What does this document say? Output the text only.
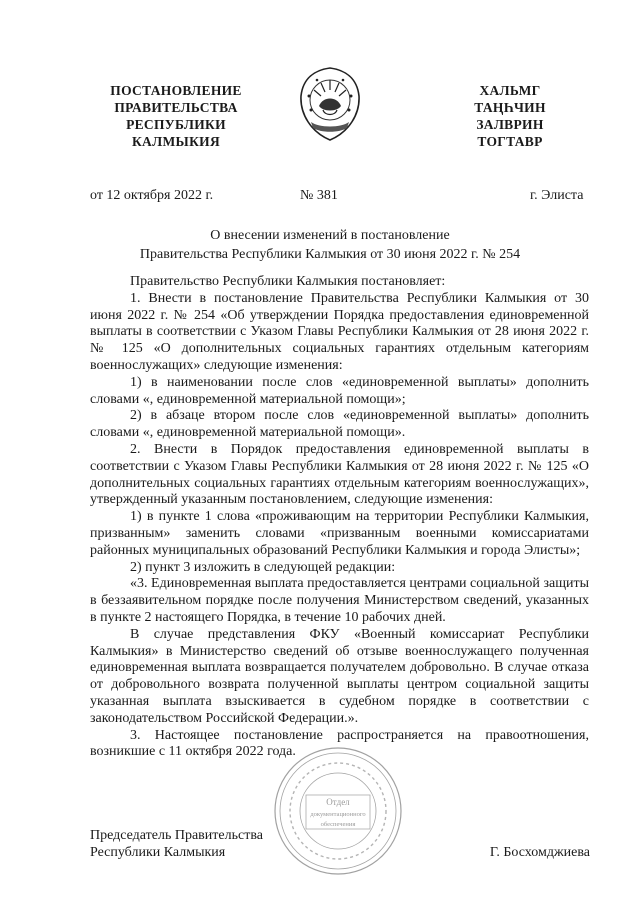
ПОСТАНОВЛЕНИЕ
ПРАВИТЕЛЬСТВА
РЕСПУБЛИКИ
КАЛМЫКИЯ
ХАЛЬМГ
ТАҢҺЧИН
ЗАЛВРИН
ТОГТАВР
от 12 октября 2022 г.	№ 381	г. Элиста
О внесении изменений в постановление
Правительства Республики Калмыкия от 30 июня 2022 г. № 254

Правительство Республики Калмыкия постановляет:

1. Внести в постановление Правительства Республики Калмыкия от 30 июня 2022 г. № 254 «Об утверждении Порядка предоставления единовременной выплаты в соответствии с Указом Главы Республики Калмыкия от 28 июня 2022 г. № 125 «О дополнительных социальных гарантиях отдельным категориям военнослужащих» следующие изменения:

1) в наименовании после слов «единовременной выплаты» дополнить словами «, единовременной материальной помощи»;

2) в абзаце втором после слов «единовременной выплаты» дополнить словами «, единовременной материальной помощи».

2. Внести в Порядок предоставления единовременной выплаты в соответствии с Указом Главы Республики Калмыкия от 28 июня 2022 г. № 125 «О дополнительных социальных гарантиях отдельным категориям военнослужащих», утвержденный указанным постановлением, следующие изменения:

1) в пункте 1 слова «проживающим на территории Республики Калмыкия, призванным» заменить словами «призванным военными комиссариатами районных муниципальных образований Республики Калмыкия и города Элисты»;

2) пункт 3 изложить в следующей редакции:

«3. Единовременная выплата предоставляется центрами социальной защиты в беззаявительном порядке после получения Министерством сведений, указанных в пункте 2 настоящего Порядка, в течение 10 рабочих дней.

В случае представления ФКУ «Военный комиссариат Республики Калмыкия» в Министерство сведений об отзыве военнослужащего полученная единовременная выплата возвращается получателем добровольно. В случае отказа от добровольного возврата полученной выплаты центром социальной защиты указанная выплата взыскивается в судебном порядке в соответствии с законодательством Российской Федерации.».

3. Настоящее постановление распространяется на правоотношения, возникшие с 11 октября 2022 года.

Отдел
документационного
обеспечения
Председатель Правительства
Республики Калмыкия	Г. Босхомджиева
